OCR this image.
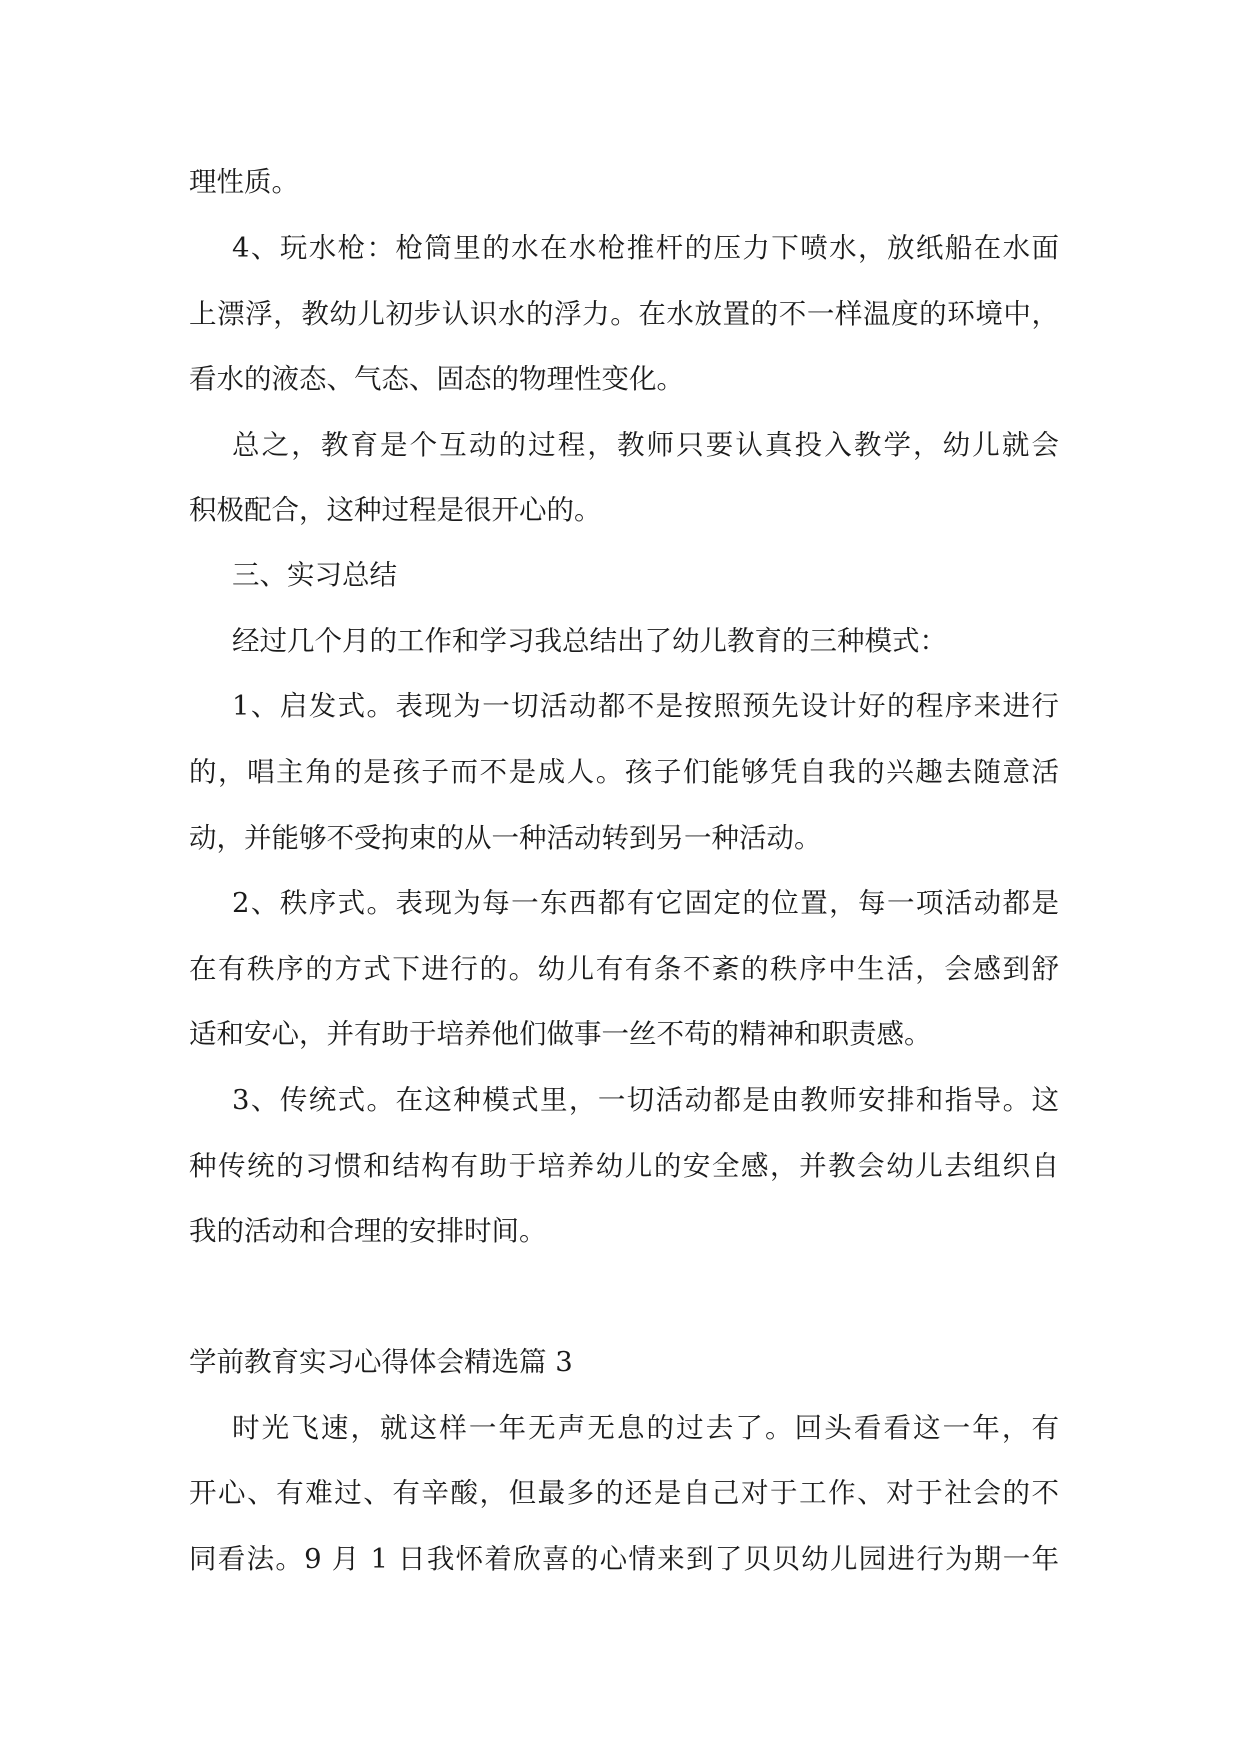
理性质。

4、玩水枪：枪筒里的水在水枪推杆的压力下喷水，放纸船在水面

上漂浮，教幼儿初步认识水的浮力。在水放置的不一样温度的环境中，

看水的液态、气态、固态的物理性变化。

总之，教育是个互动的过程，教师只要认真投入教学，幼儿就会

积极配合，这种过程是很开心的。

三、实习总结

经过几个月的工作和学习我总结出了幼儿教育的三种模式：

1、启发式。表现为一切活动都不是按照预先设计好的程序来进行

的，唱主角的是孩子而不是成人。孩子们能够凭自我的兴趣去随意活

动，并能够不受拘束的从一种活动转到另一种活动。

2、秩序式。表现为每一东西都有它固定的位置，每一项活动都是

在有秩序的方式下进行的。幼儿有有条不紊的秩序中生活，会感到舒

适和安心，并有助于培养他们做事一丝不苟的精神和职责感。

3、传统式。在这种模式里，一切活动都是由教师安排和指导。这

种传统的习惯和结构有助于培养幼儿的安全感，并教会幼儿去组织自

我的活动和合理的安排时间。

学前教育实习心得体会精选篇 3

时光飞速，就这样一年无声无息的过去了。回头看看这一年，有

开心、有难过、有辛酸，但最多的还是自己对于工作、对于社会的不

同看法。9 月 1 日我怀着欣喜的心情来到了贝贝幼儿园进行为期一年
